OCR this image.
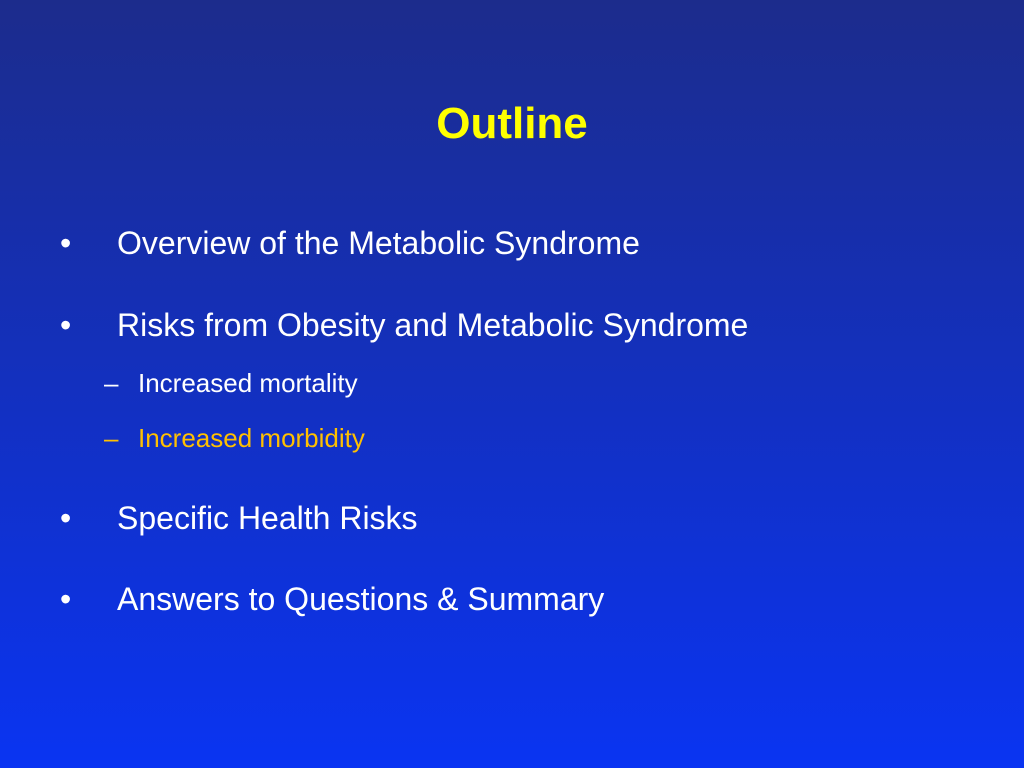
Outline
•	Overview of the Metabolic Syndrome
•	Risks from Obesity and Metabolic Syndrome
– Increased mortality
– Increased morbidity
•	Specific Health Risks
•	Answers to Questions & Summary
